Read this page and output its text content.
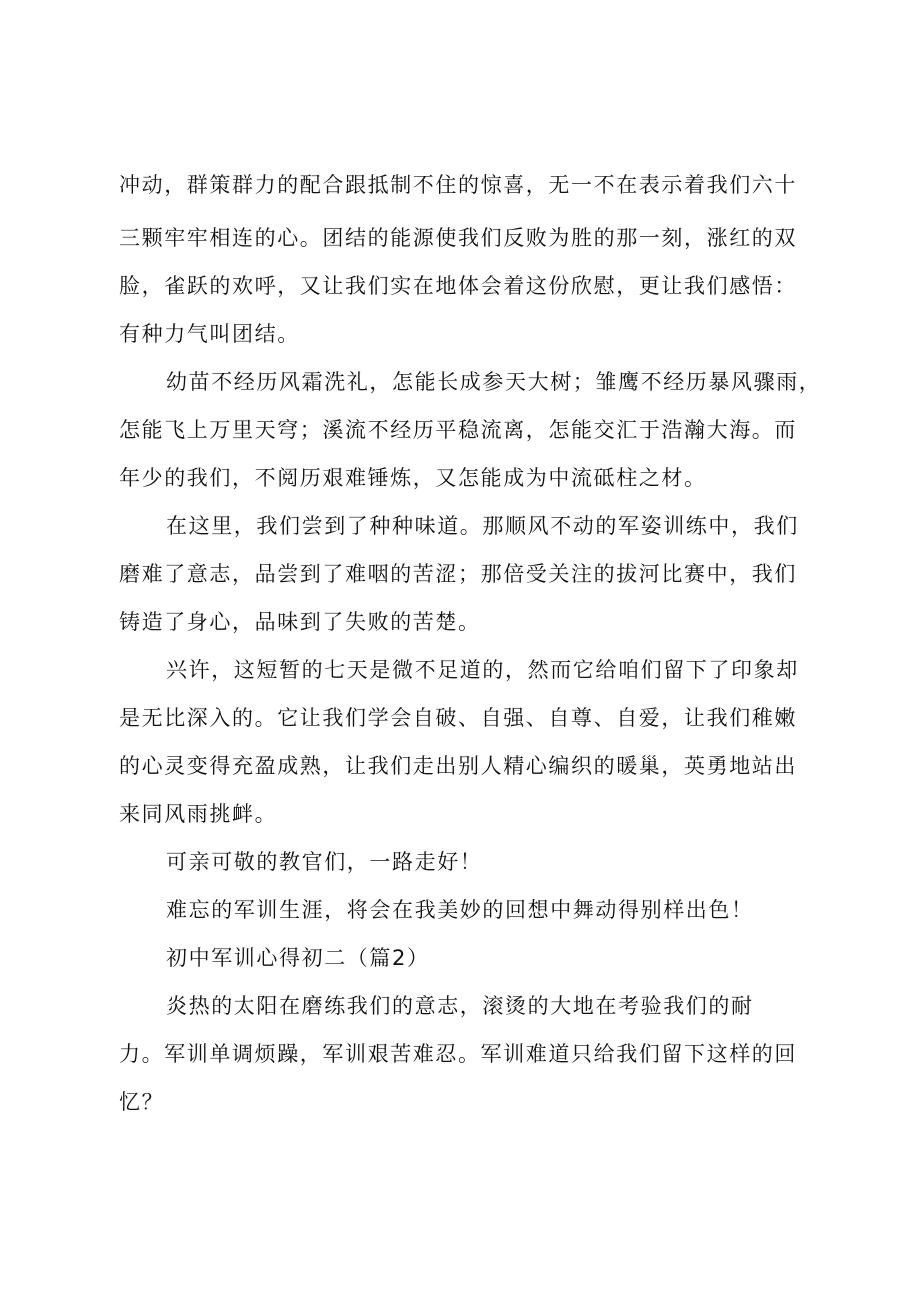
冲动，群策群力的配合跟抵制不住的惊喜，无一不在表示着我们六十
三颗牢牢相连的心。团结的能源使我们反败为胜的那一刻，涨红的双
脸，雀跃的欢呼，又让我们实在地体会着这份欣慰，更让我们感悟：
有种力气叫团结。
幼苗不经历风霜洗礼，怎能长成参天大树；雏鹰不经历暴风骤雨，
怎能飞上万里天穹；溪流不经历平稳流离，怎能交汇于浩瀚大海。而
年少的我们，不阅历艰难锤炼，又怎能成为中流砥柱之材。
在这里，我们尝到了种种味道。那顺风不动的军姿训练中，我们
磨难了意志，品尝到了难咽的苦涩；那倍受关注的拔河比赛中，我们
铸造了身心，品味到了失败的苦楚。
兴许，这短暂的七天是微不足道的，然而它给咱们留下了印象却
是无比深入的。它让我们学会自破、自强、自尊、自爱，让我们稚嫩
的心灵变得充盈成熟，让我们走出别人精心编织的暖巢，英勇地站出
来同风雨挑衅。
可亲可敬的教官们，一路走好！
难忘的军训生涯，将会在我美妙的回想中舞动得别样出色！
初中军训心得初二（篇2）
炎热的太阳在磨练我们的意志，滚烫的大地在考验我们的耐
力。军训单调烦躁，军训艰苦难忍。军训难道只给我们留下这样的回
忆？
